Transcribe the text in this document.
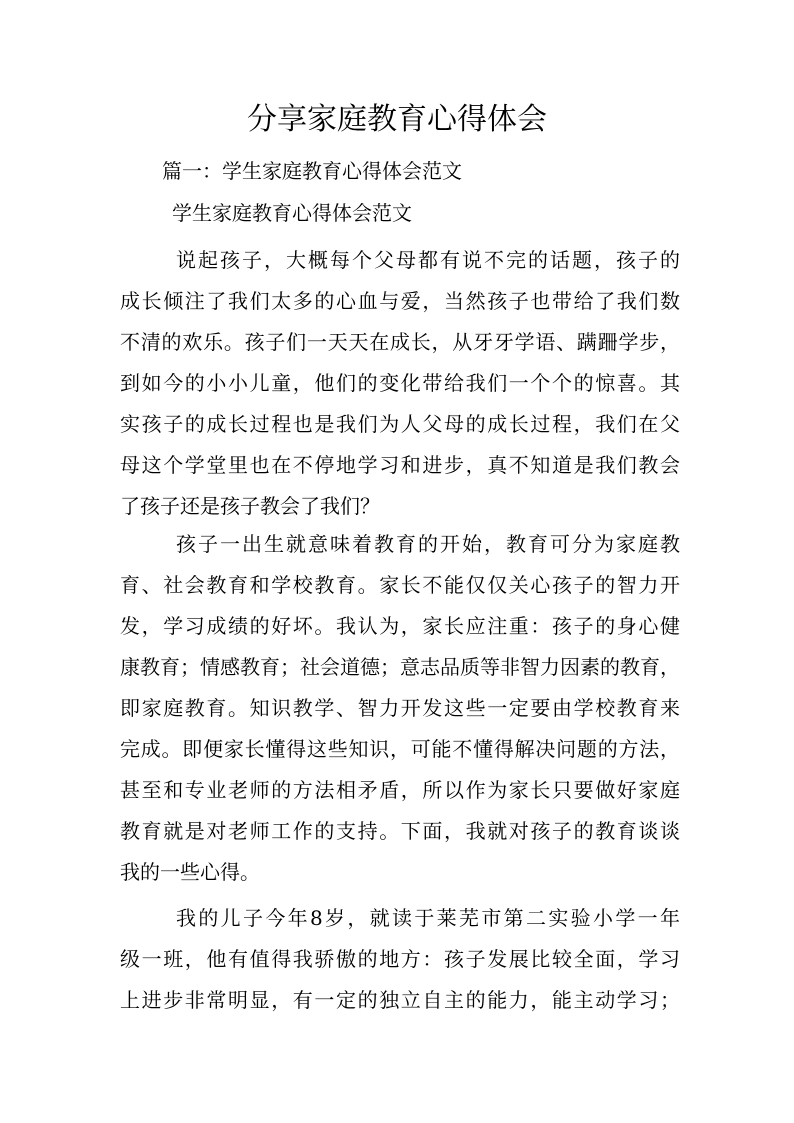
分享家庭教育心得体会

篇一：学生家庭教育心得体会范文

学生家庭教育心得体会范文

说起孩子，大概每个父母都有说不完的话题，孩子的
成长倾注了我们太多的心血与爱，当然孩子也带给了我们数
不清的欢乐。孩子们一天天在成长，从牙牙学语、蹒跚学步，
到如今的小小儿童，他们的变化带给我们一个个的惊喜。其
实孩子的成长过程也是我们为人父母的成长过程，我们在父
母这个学堂里也在不停地学习和进步，真不知道是我们教会
了孩子还是孩子教会了我们？
孩子一出生就意味着教育的开始，教育可分为家庭教
育、社会教育和学校教育。家长不能仅仅关心孩子的智力开
发，学习成绩的好坏。我认为，家长应注重：孩子的身心健
康教育；情感教育；社会道德；意志品质等非智力因素的教育，
即家庭教育。知识教学、智力开发这些一定要由学校教育来
完成。即便家长懂得这些知识，可能不懂得解决问题的方法，
甚至和专业老师的方法相矛盾，所以作为家长只要做好家庭
教育就是对老师工作的支持。下面，我就对孩子的教育谈谈
我的一些心得。
我的儿子今年8岁，就读于莱芜市第二实验小学一年
级一班，他有值得我骄傲的地方：孩子发展比较全面，学习
上进步非常明显，有一定的独立自主的能力，能主动学习；
